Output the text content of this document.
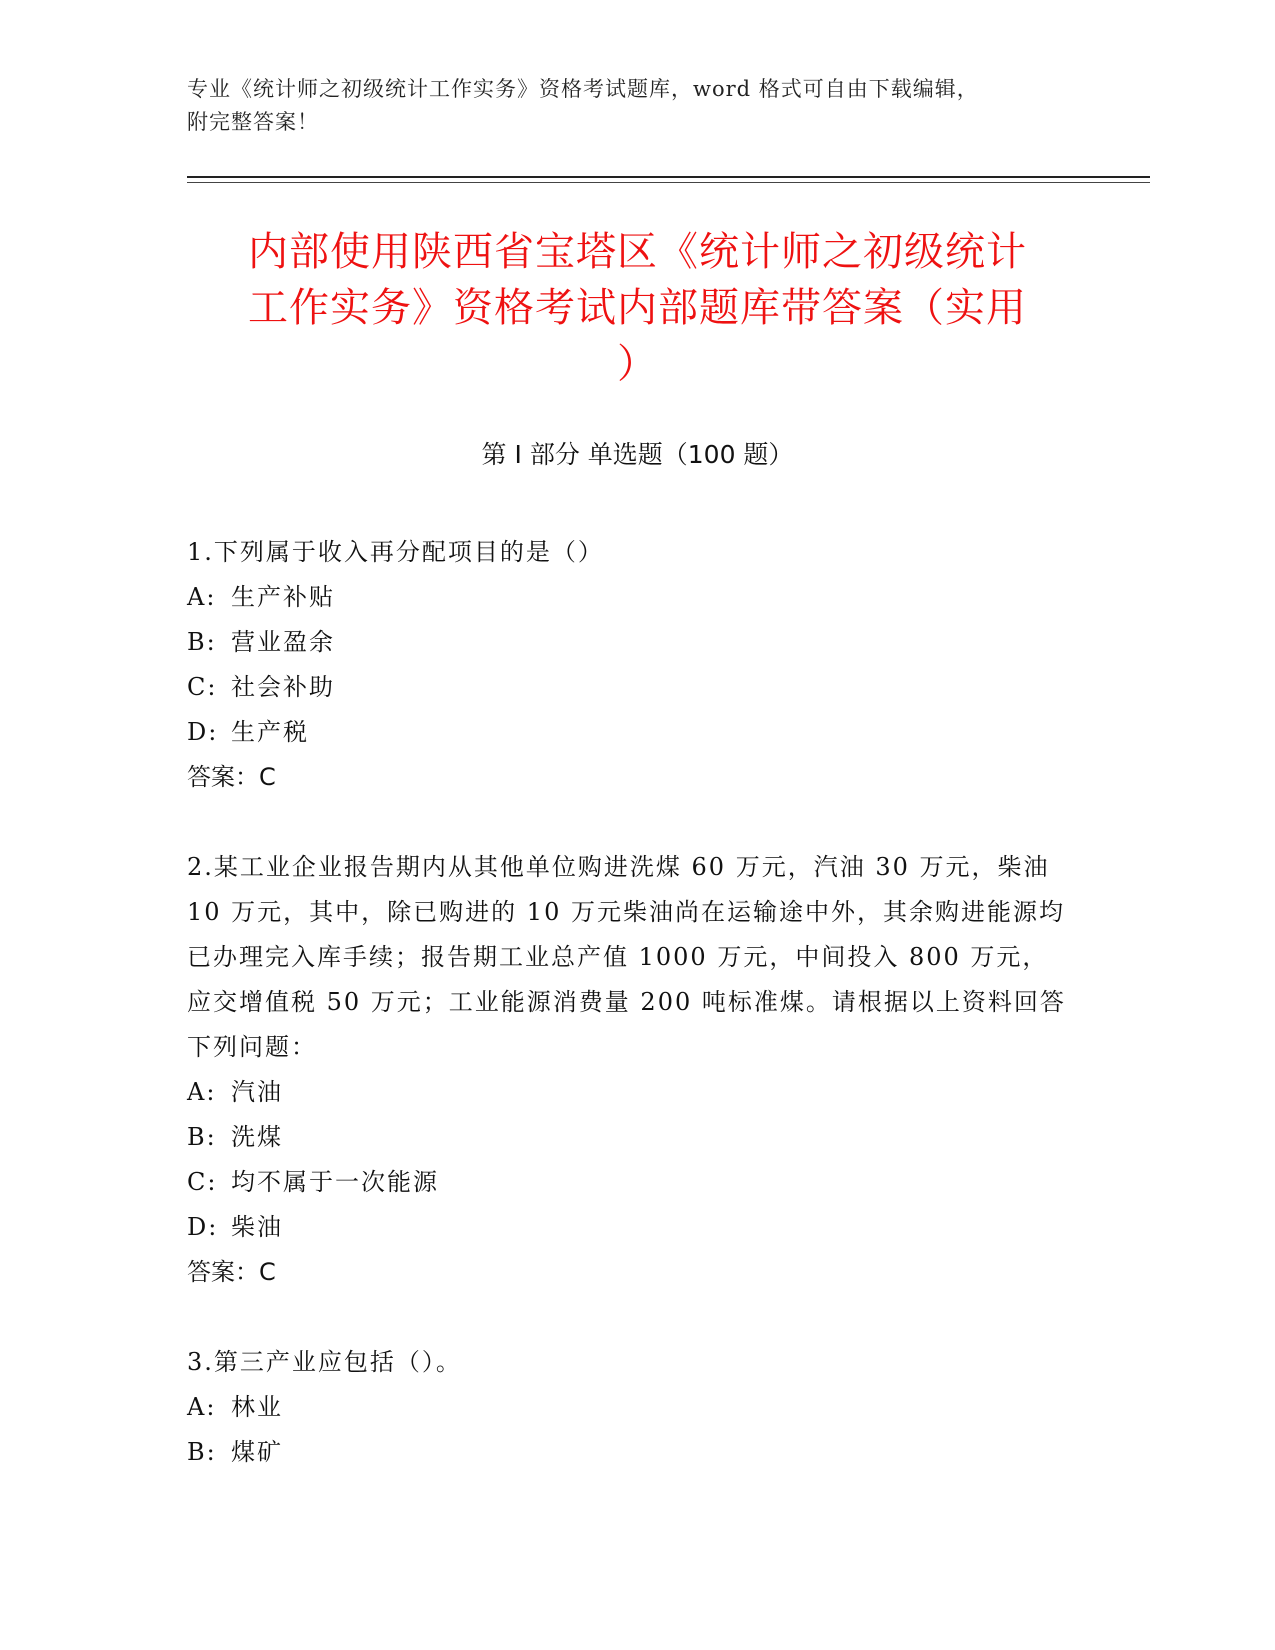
专业《统计师之初级统计工作实务》资格考试题库，word 格式可自由下载编辑，
附完整答案！
内部使用陕西省宝塔区《统计师之初级统计
工作实务》资格考试内部题库带答案（实用
）
第 I 部分 单选题（100 题）

1.下列属于收入再分配项目的是（）

A: 生产补贴

B: 营业盈余

C: 社会补助

D: 生产税

答案：C

2.某工业企业报告期内从其他单位购进洗煤 60 万元，汽油 30 万元，柴油 10 万元，其中，除已购进的 10 万元柴油尚在运输途中外，其余购进能源均已办理完入库手续；报告期工业总产值 1000 万元，中间投入 800 万元，应交增值税 50 万元；工业能源消费量 200 吨标准煤。请根据以上资料回答下列问题：

A: 汽油

B: 洗煤

C: 均不属于一次能源

D: 柴油

答案：C

3.第三产业应包括（）。

A: 林业

B: 煤矿
